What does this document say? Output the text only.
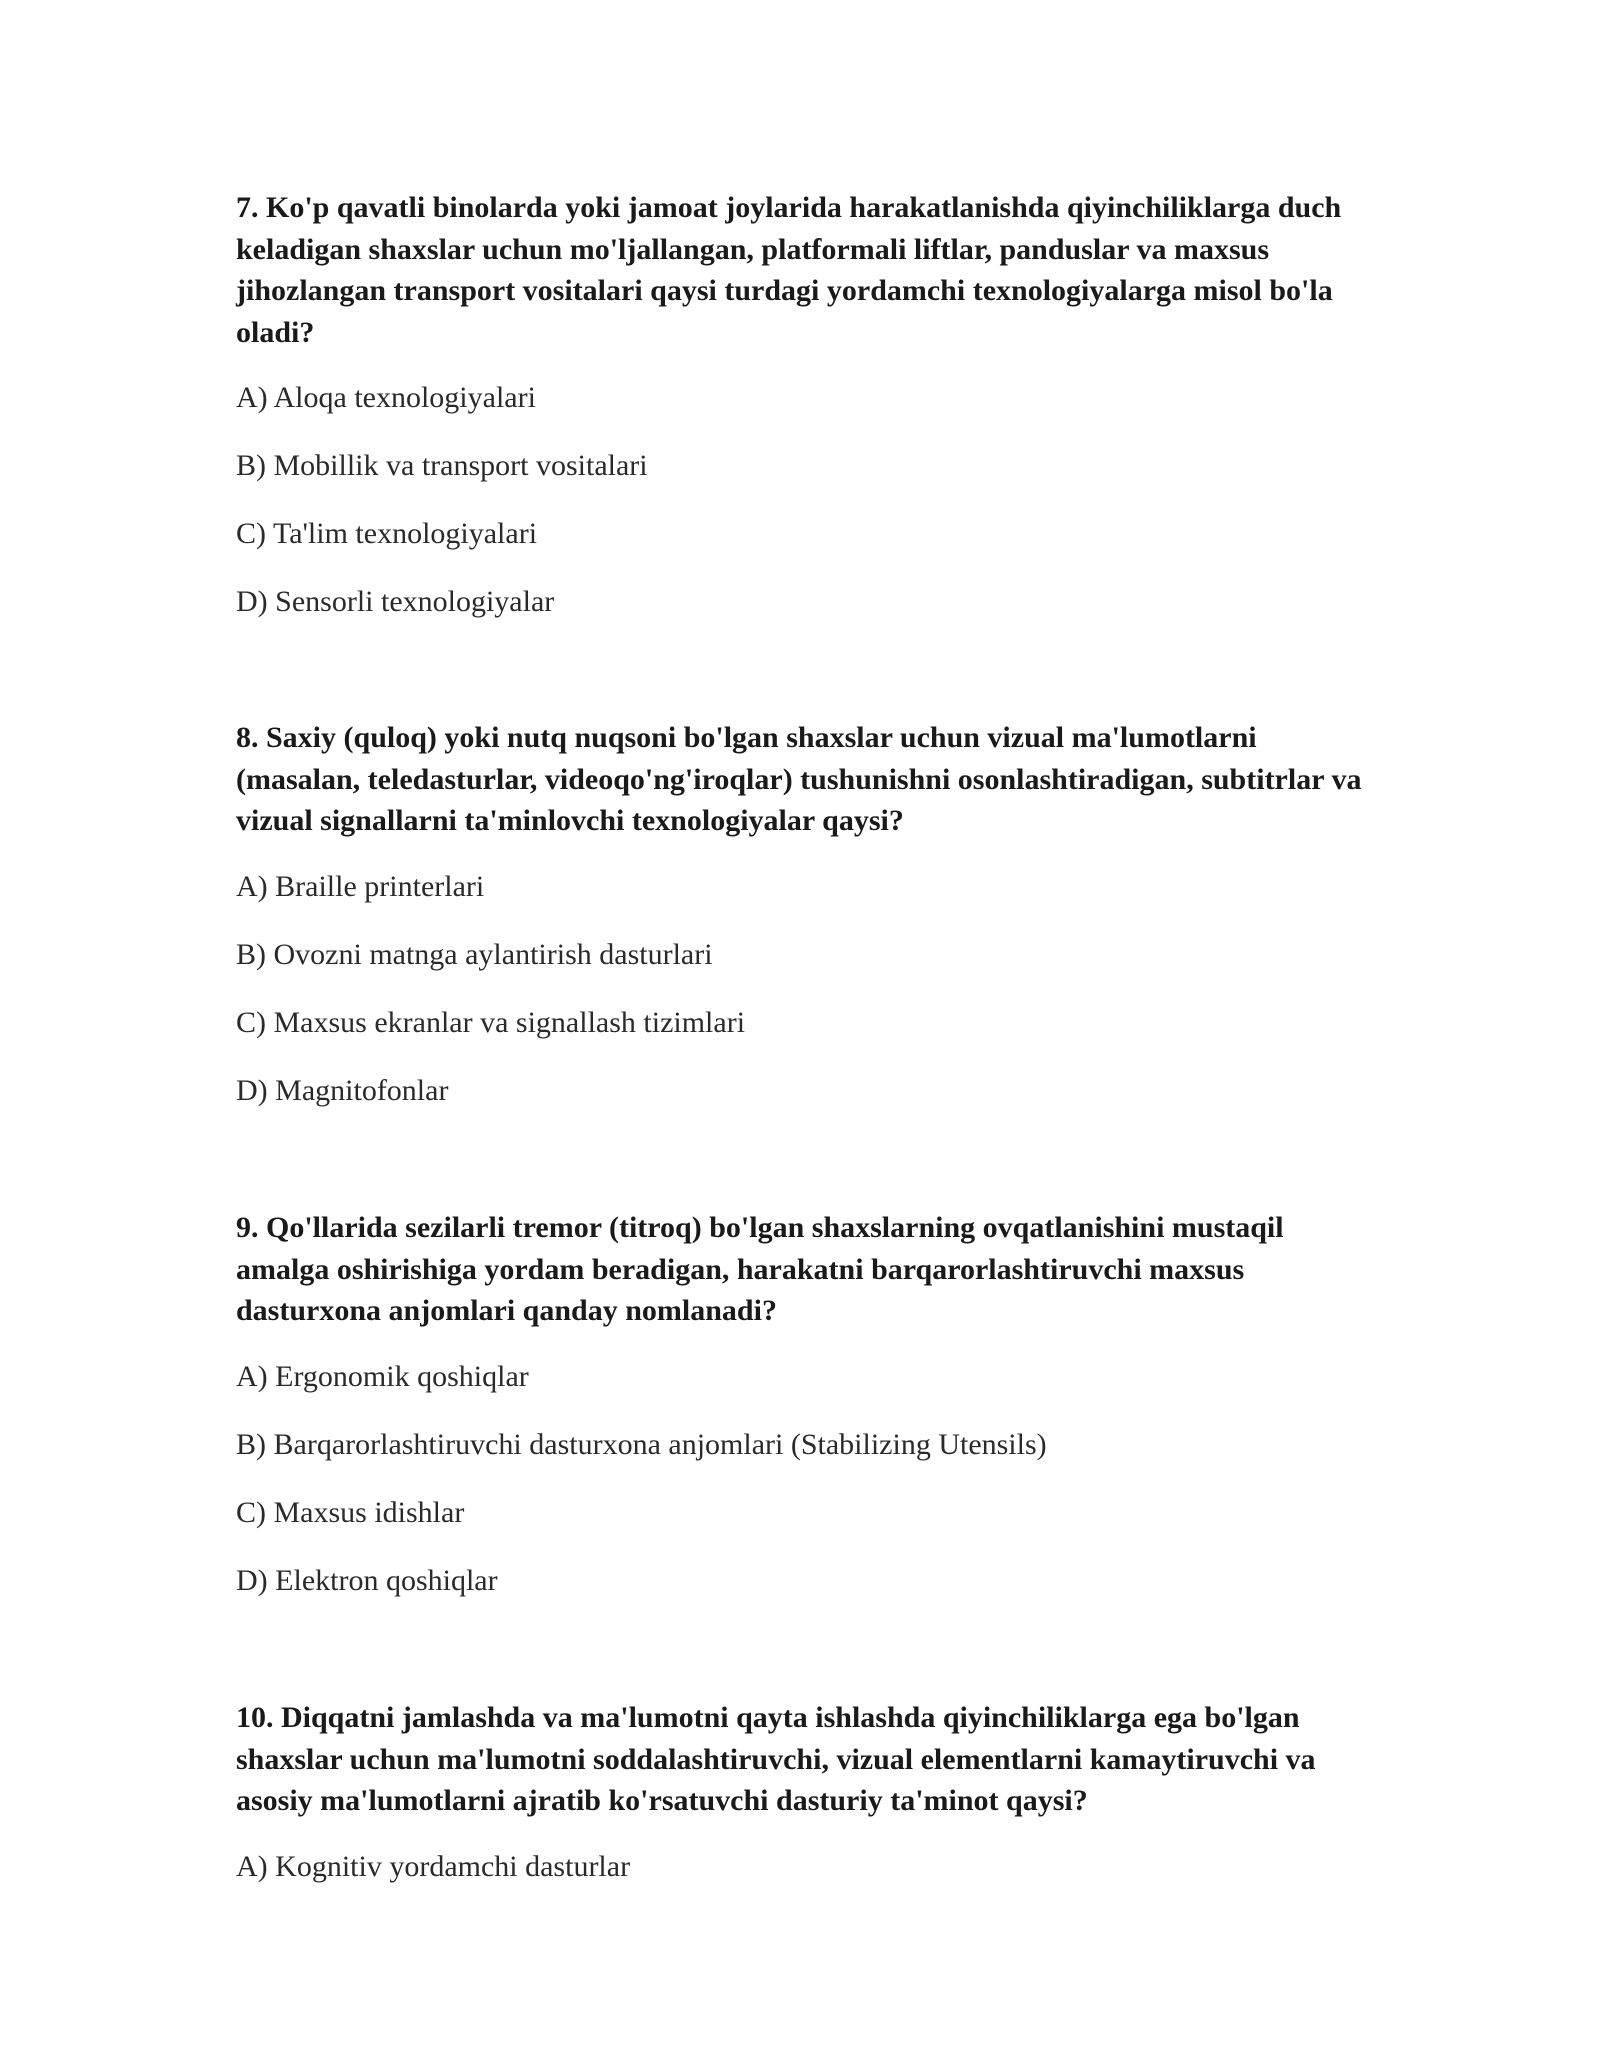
7. Ko'p qavatli binolarda yoki jamoat joylarida harakatlanishda qiyinchiliklarga duch keladigan shaxslar uchun mo'ljallangan, platformali liftlar, panduslar va maxsus jihozlangan transport vositalari qaysi turdagi yordamchi texnologiyalarga misol bo'la oladi?

A) Aloqa texnologiyalari

B) Mobillik va transport vositalari

C) Ta'lim texnologiyalari

D) Sensorli texnologiyalar

8. Saxiy (quloq) yoki nutq nuqsoni bo'lgan shaxslar uchun vizual ma'lumotlarni (masalan, teledasturlar, videoqo'ng'iroqlar) tushunishni osonlashtiradigan, subtitrlar va vizual signallarni ta'minlovchi texnologiyalar qaysi?

A) Braille printerlari

B) Ovozni matnga aylantirish dasturlari

C) Maxsus ekranlar va signallash tizimlari

D) Magnitofonlar

9. Qo'llarida sezilarli tremor (titroq) bo'lgan shaxslarning ovqatlanishini mustaqil amalga oshirishiga yordam beradigan, harakatni barqarorlashtiruvchi maxsus dasturxona anjomlari qanday nomlanadi?

A) Ergonomik qoshiqlar

B) Barqarorlashtiruvchi dasturxona anjomlari (Stabilizing Utensils)

C) Maxsus idishlar

D) Elektron qoshiqlar

10. Diqqatni jamlashda va ma'lumotni qayta ishlashda qiyinchiliklarga ega bo'lgan shaxslar uchun ma'lumotni soddalashtiruvchi, vizual elementlarni kamaytiruvchi va asosiy ma'lumotlarni ajratib ko'rsatuvchi dasturiy ta'minot qaysi?

A) Kognitiv yordamchi dasturlar
